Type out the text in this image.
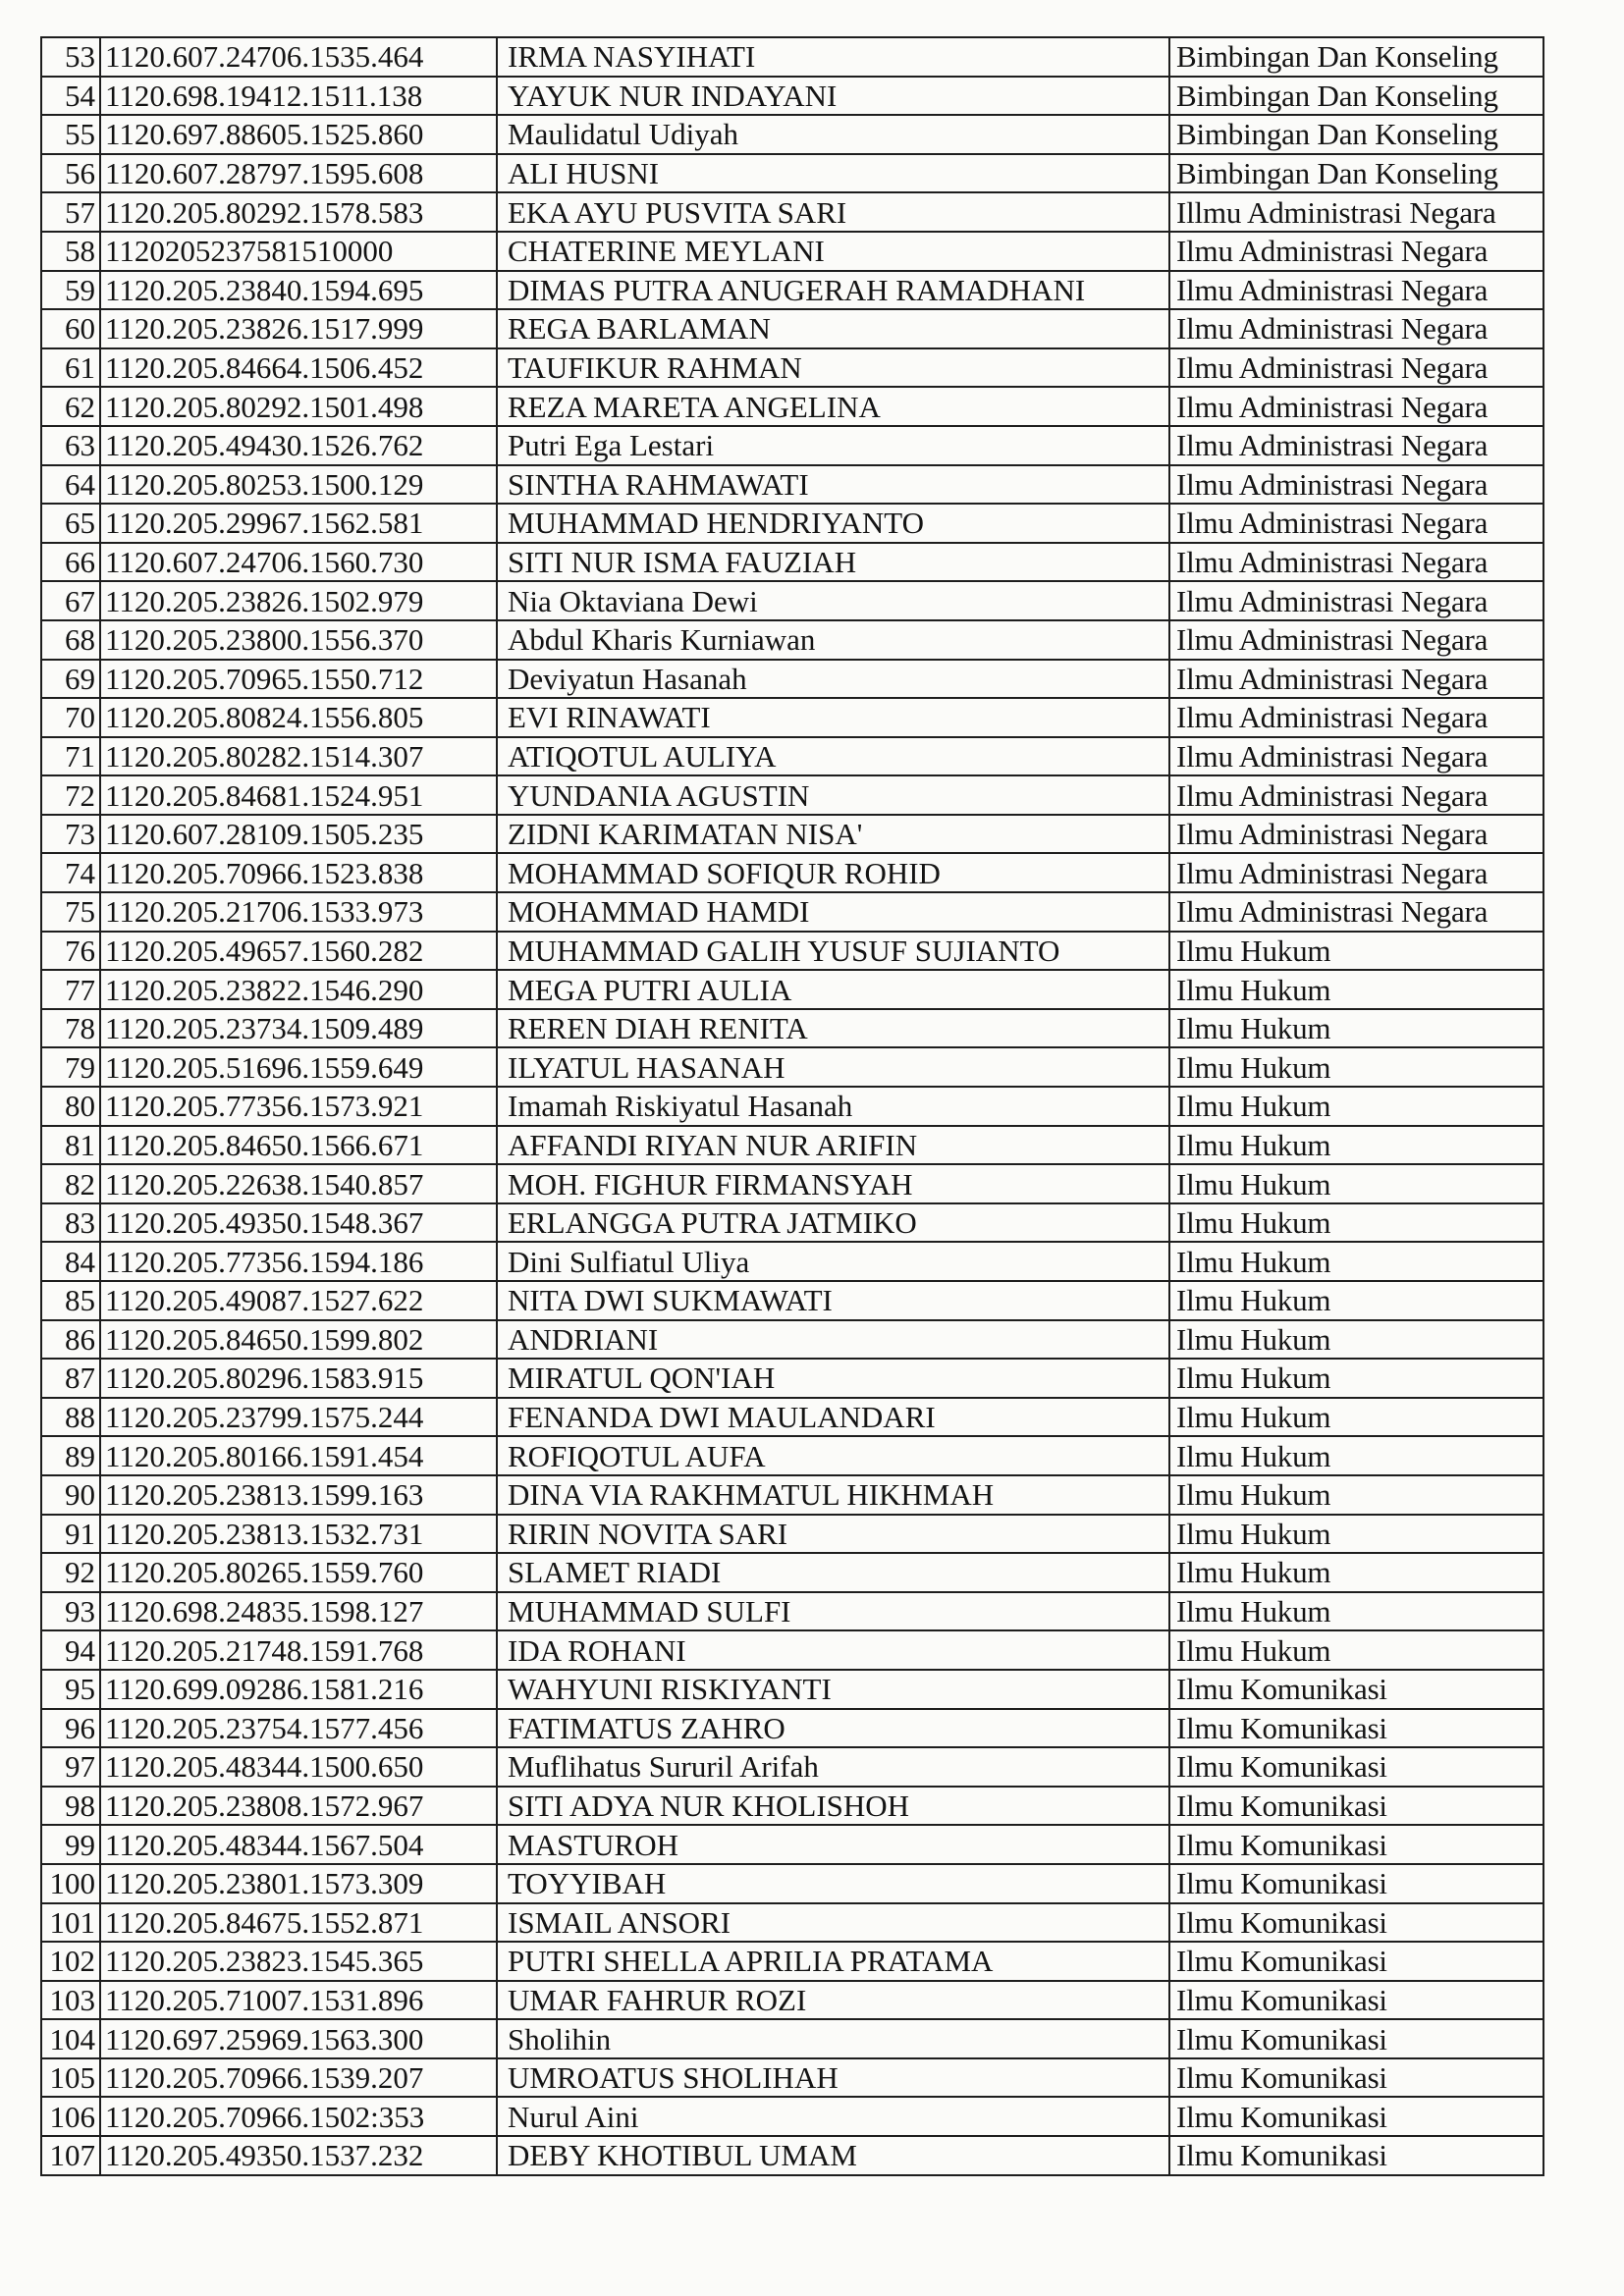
53	1120.607.24706.1535.464	IRMA NASYIHATI	Bimbingan Dan Konseling
54	1120.698.19412.1511.138	YAYUK NUR INDAYANI	Bimbingan Dan Konseling
55	1120.697.88605.1525.860	Maulidatul Udiyah	Bimbingan Dan Konseling
56	1120.607.28797.1595.608	ALI HUSNI	Bimbingan Dan Konseling
57	1120.205.80292.1578.583	EKA AYU PUSVITA SARI	Illmu Administrasi Negara
58	1120205237581510000	CHATERINE MEYLANI	Ilmu Administrasi Negara
59	1120.205.23840.1594.695	DIMAS PUTRA ANUGERAH RAMADHANI	Ilmu Administrasi Negara
60	1120.205.23826.1517.999	REGA BARLAMAN	Ilmu Administrasi Negara
61	1120.205.84664.1506.452	TAUFIKUR RAHMAN	Ilmu Administrasi Negara
62	1120.205.80292.1501.498	REZA MARETA ANGELINA	Ilmu Administrasi Negara
63	1120.205.49430.1526.762	Putri Ega Lestari	Ilmu Administrasi Negara
64	1120.205.80253.1500.129	SINTHA RAHMAWATI	Ilmu Administrasi Negara
65	1120.205.29967.1562.581	MUHAMMAD HENDRIYANTO	Ilmu Administrasi Negara
66	1120.607.24706.1560.730	SITI NUR ISMA FAUZIAH	Ilmu Administrasi Negara
67	1120.205.23826.1502.979	Nia Oktaviana Dewi	Ilmu Administrasi Negara
68	1120.205.23800.1556.370	Abdul Kharis Kurniawan	Ilmu Administrasi Negara
69	1120.205.70965.1550.712	Deviyatun Hasanah	Ilmu Administrasi Negara
70	1120.205.80824.1556.805	EVI RINAWATI	Ilmu Administrasi Negara
71	1120.205.80282.1514.307	ATIQOTUL AULIYA	Ilmu Administrasi Negara
72	1120.205.84681.1524.951	YUNDANIA AGUSTIN	Ilmu Administrasi Negara
73	1120.607.28109.1505.235	ZIDNI KARIMATAN NISA'	Ilmu Administrasi Negara
74	1120.205.70966.1523.838	MOHAMMAD SOFIQUR ROHID	Ilmu Administrasi Negara
75	1120.205.21706.1533.973	MOHAMMAD HAMDI	Ilmu Administrasi Negara
76	1120.205.49657.1560.282	MUHAMMAD GALIH YUSUF SUJIANTO	Ilmu Hukum
77	1120.205.23822.1546.290	MEGA PUTRI AULIA	Ilmu Hukum
78	1120.205.23734.1509.489	REREN DIAH RENITA	Ilmu Hukum
79	1120.205.51696.1559.649	ILYATUL HASANAH	Ilmu Hukum
80	1120.205.77356.1573.921	Imamah Riskiyatul Hasanah	Ilmu Hukum
81	1120.205.84650.1566.671	AFFANDI RIYAN NUR ARIFIN	Ilmu Hukum
82	1120.205.22638.1540.857	MOH. FIGHUR FIRMANSYAH	Ilmu Hukum
83	1120.205.49350.1548.367	ERLANGGA PUTRA JATMIKO	Ilmu Hukum
84	1120.205.77356.1594.186	Dini Sulfiatul Uliya	Ilmu Hukum
85	1120.205.49087.1527.622	NITA DWI SUKMAWATI	Ilmu Hukum
86	1120.205.84650.1599.802	ANDRIANI	Ilmu Hukum
87	1120.205.80296.1583.915	MIRATUL QON'IAH	Ilmu Hukum
88	1120.205.23799.1575.244	FENANDA DWI MAULANDARI	Ilmu Hukum
89	1120.205.80166.1591.454	ROFIQOTUL AUFA	Ilmu Hukum
90	1120.205.23813.1599.163	DINA VIA RAKHMATUL HIKHMAH	Ilmu Hukum
91	1120.205.23813.1532.731	RIRIN NOVITA SARI	Ilmu Hukum
92	1120.205.80265.1559.760	SLAMET RIADI	Ilmu Hukum
93	1120.698.24835.1598.127	MUHAMMAD SULFI	Ilmu Hukum
94	1120.205.21748.1591.768	IDA ROHANI	Ilmu Hukum
95	1120.699.09286.1581.216	WAHYUNI RISKIYANTI	Ilmu Komunikasi
96	1120.205.23754.1577.456	FATIMATUS ZAHRO	Ilmu Komunikasi
97	1120.205.48344.1500.650	Muflihatus Sururil Arifah	Ilmu Komunikasi
98	1120.205.23808.1572.967	SITI ADYA NUR KHOLISHOH	Ilmu Komunikasi
99	1120.205.48344.1567.504	MASTUROH	Ilmu Komunikasi
100	1120.205.23801.1573.309	TOYYIBAH	Ilmu Komunikasi
101	1120.205.84675.1552.871	ISMAIL ANSORI	Ilmu Komunikasi
102	1120.205.23823.1545.365	PUTRI SHELLA APRILIA PRATAMA	Ilmu Komunikasi
103	1120.205.71007.1531.896	UMAR FAHRUR ROZI	Ilmu Komunikasi
104	1120.697.25969.1563.300	Sholihin	Ilmu Komunikasi
105	1120.205.70966.1539.207	UMROATUS SHOLIHAH	Ilmu Komunikasi
106	1120.205.70966.1502:353	Nurul Aini	Ilmu Komunikasi
107	1120.205.49350.1537.232	DEBY KHOTIBUL UMAM	Ilmu Komunikasi
